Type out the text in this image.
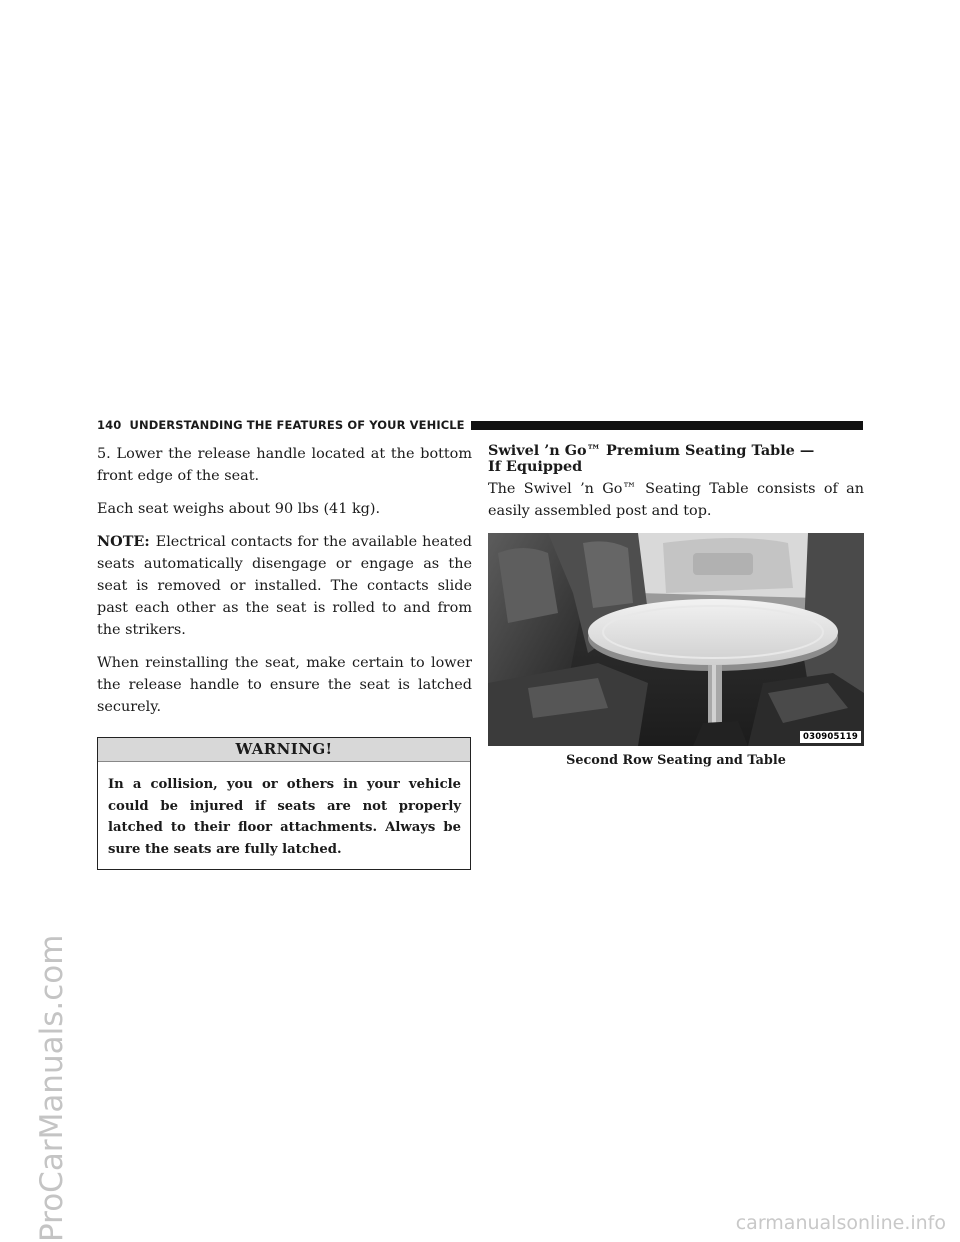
ProCarManuals.com
140 UNDERSTANDING THE FEATURES OF YOUR VEHICLE

5. Lower the release handle located at the bottom front edge of the seat.

Each seat weighs about 90 lbs (41 kg).

NOTE: Electrical contacts for the available heated seats automatically disengage or engage as the seat is removed or installed. The contacts slide past each other as the seat is rolled to and from the strikers.

When reinstalling the seat, make certain to lower the release handle to ensure the seat is latched securely.

WARNING!
In a collision, you or others in your vehicle could be injured if seats are not properly latched to their floor attachments. Always be sure the seats are fully latched.
Swivel ’n Go™ Premium Seating Table —
If Equipped

The Swivel ’n Go™ Seating Table consists of an easily assembled post and top.

030905119
Second Row Seating and Table
carmanualsonline.info
